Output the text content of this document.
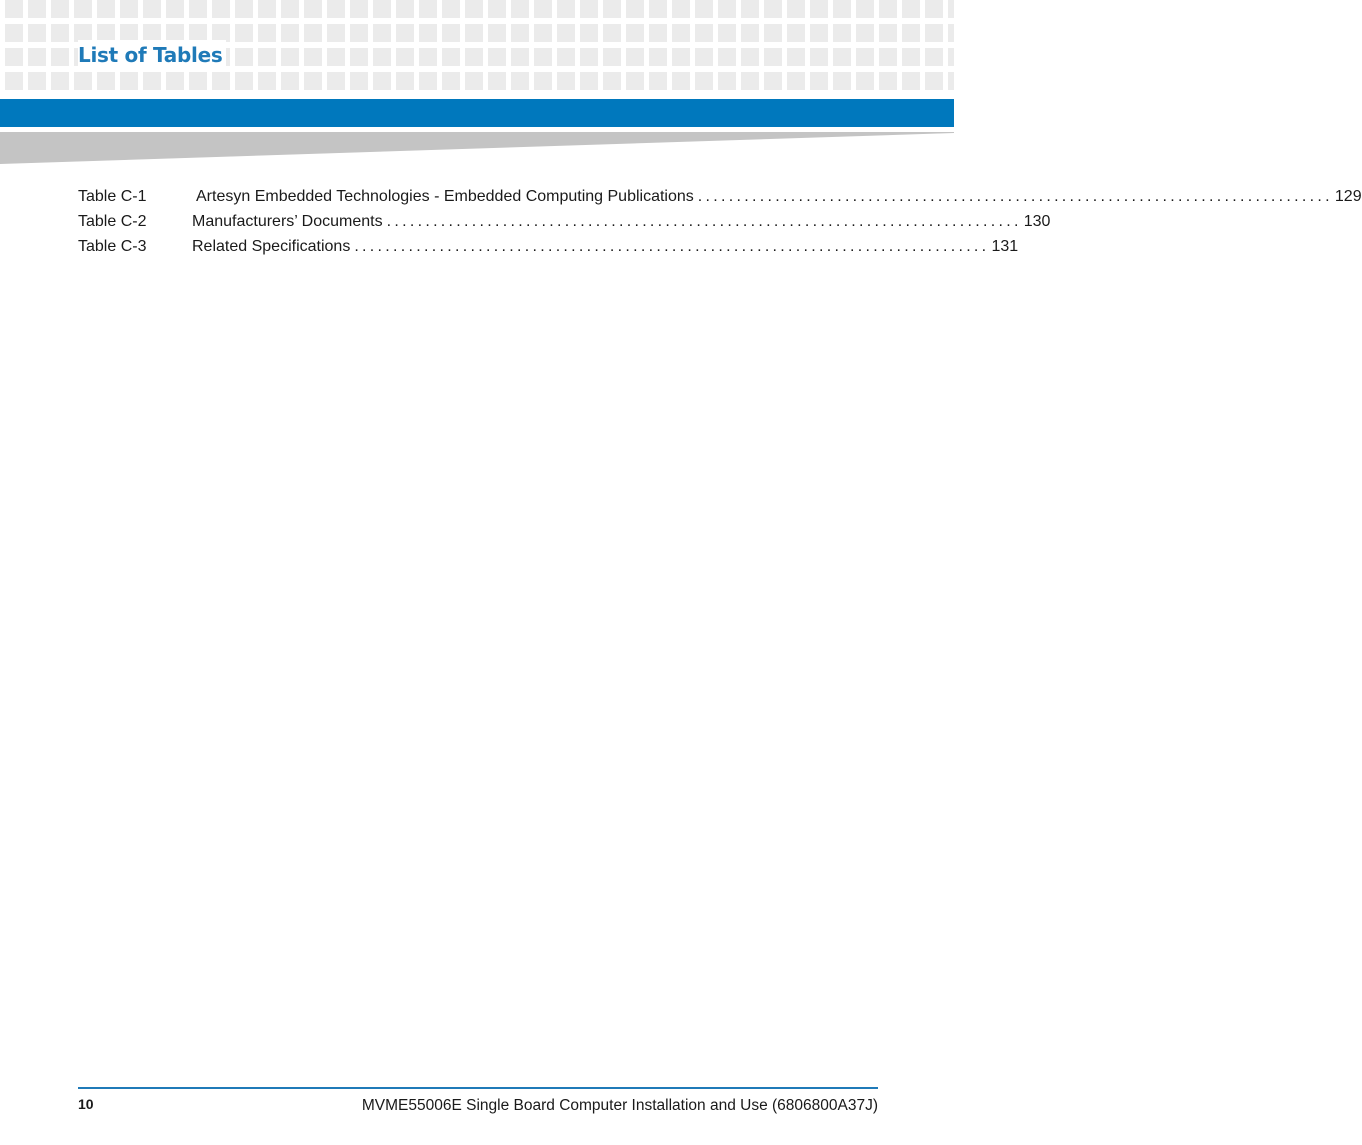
List of Tables
Table C-1	Artesyn Embedded Technologies - Embedded Computing Publications .................................................................................. 129
Table C-2	Manufacturers’ Documents .................................................................................. 130
Table C-3	Related Specifications .................................................................................. 131
10	MVME55006E Single Board Computer Installation and Use (6806800A37J)
